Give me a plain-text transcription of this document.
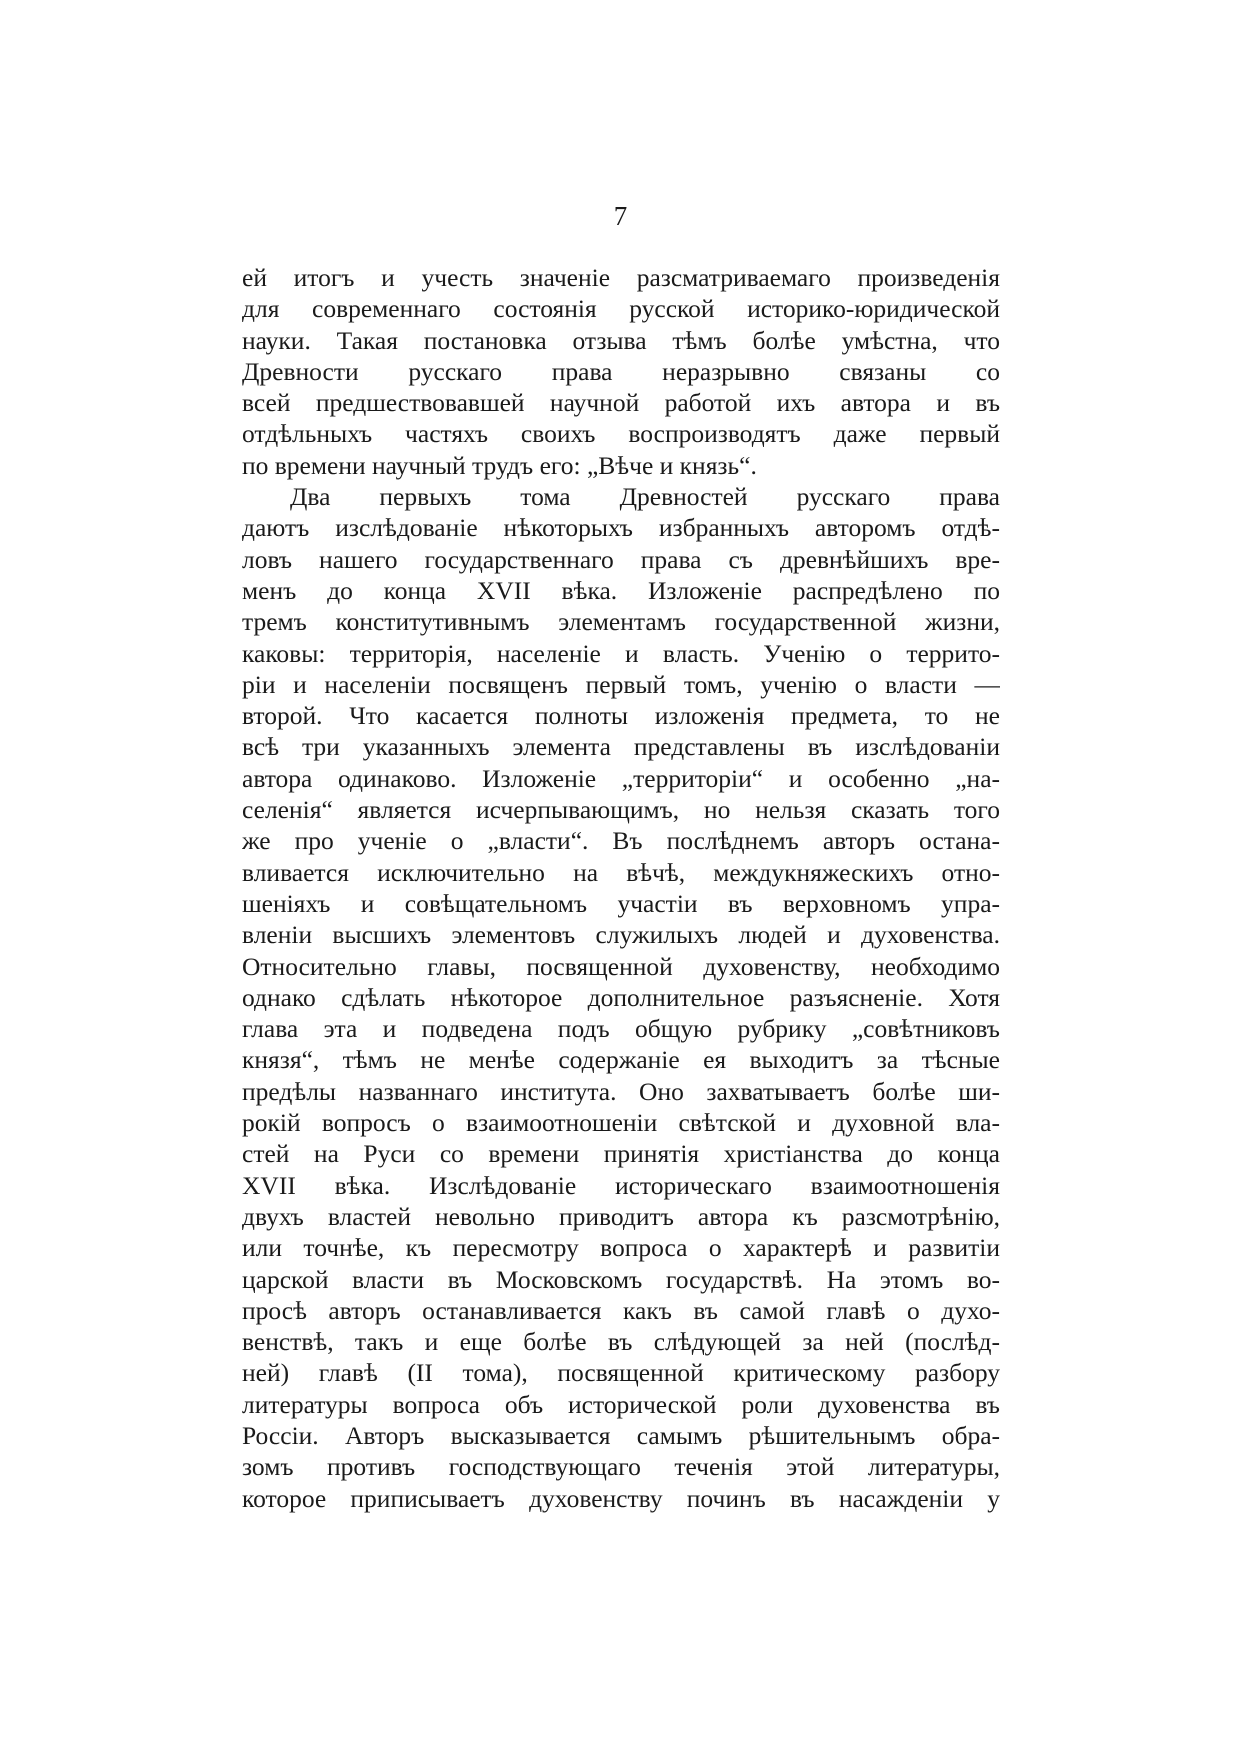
7
ей итогъ и учесть значеніе разсматриваемаго произведенія
для современнаго состоянія русской историко-юридической
науки. Такая постановка отзыва тѣмъ болѣе умѣстна, что
Древности русскаго права неразрывно связаны со
всей предшествовавшей научной работой ихъ автора и въ
отдѣльныхъ частяхъ своихъ воспроизводятъ даже первый
по времени научный трудъ его: „Вѣче и князь“.
Два первыхъ тома Древностей русскаго права
даютъ изслѣдованіе нѣкоторыхъ избранныхъ авторомъ отдѣ-
ловъ нашего государственнаго права съ древнѣйшихъ вре-
менъ до конца XVII вѣка. Изложеніе распредѣлено по
тремъ конститутивнымъ элементамъ государственной жизни,
каковы: территорія, населеніе и власть. Ученію о террито-
ріи и населеніи посвященъ первый томъ, ученію о власти —
второй. Что касается полноты изложенія предмета, то не
всѣ три указанныхъ элемента представлены въ изслѣдованіи
автора одинаково. Изложеніе „территоріи“ и особенно „на-
селенія“ является исчерпывающимъ, но нельзя сказать того
же про ученіе о „власти“. Въ послѣднемъ авторъ остана-
вливается исключительно на вѣчѣ, междукняжескихъ отно-
шеніяхъ и совѣщательномъ участіи въ верховномъ упра-
вленіи высшихъ элементовъ служилыхъ людей и духовенства.
Относительно главы, посвященной духовенству, необходимо
однако сдѣлать нѣкоторое дополнительное разъясненіе. Хотя
глава эта и подведена подъ общую рубрику „совѣтниковъ
князя“, тѣмъ не менѣе содержаніе ея выходитъ за тѣсные
предѣлы названнаго института. Оно захватываетъ болѣе ши-
рокій вопросъ о взаимоотношеніи свѣтской и духовной вла-
стей на Руси со времени принятія христіанства до конца
XVII вѣка. Изслѣдованіе историческаго взаимоотношенія
двухъ властей невольно приводитъ автора къ разсмотрѣнію,
или точнѣе, къ пересмотру вопроса о характерѣ и развитіи
царской власти въ Московскомъ государствѣ. На этомъ во-
просѣ авторъ останавливается какъ въ самой главѣ о духо-
венствѣ, такъ и еще болѣе въ слѣдующей за ней (послѣд-
ней) главѣ (II тома), посвященной критическому разбору
литературы вопроса объ исторической роли духовенства въ
Россіи. Авторъ высказывается самымъ рѣшительнымъ обра-
зомъ противъ господствующаго теченія этой литературы,
которое приписываетъ духовенству починъ въ насажденіи у
